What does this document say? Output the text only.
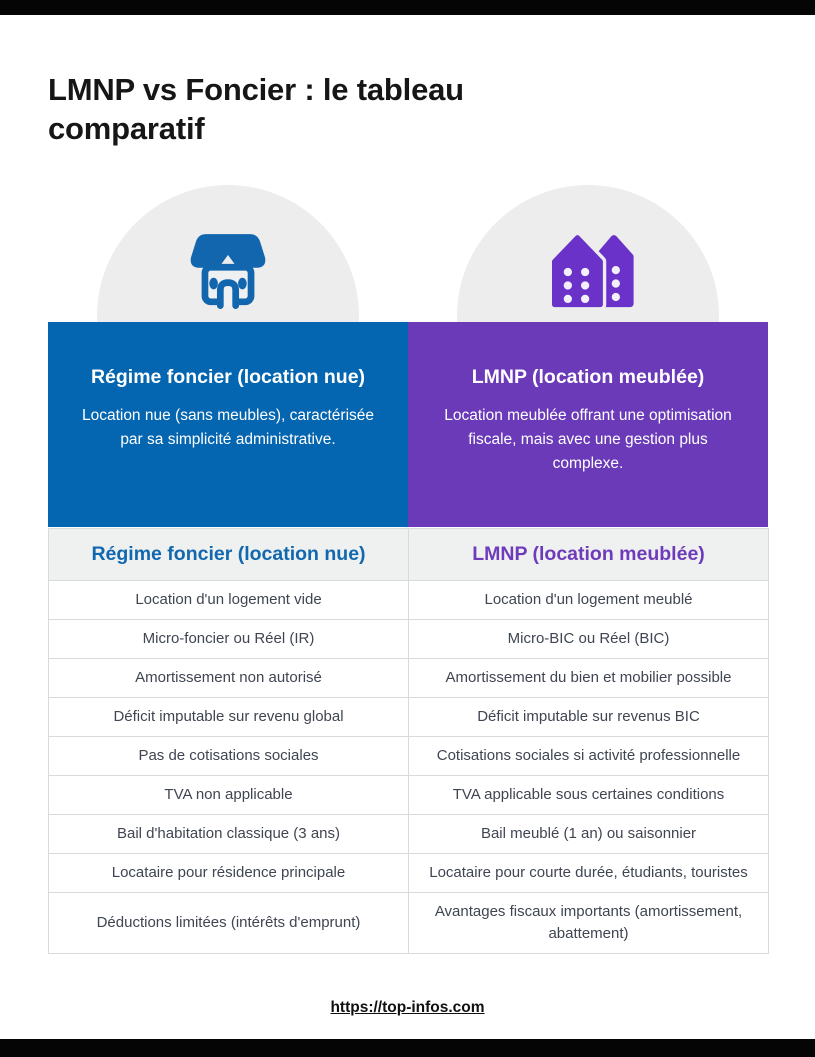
LMNP vs Foncier : le tableau comparatif
Régime foncier (location nue)
Location nue (sans meubles), caractérisée par sa simplicité administrative.
LMNP (location meublée)
Location meublée offrant une optimisation fiscale, mais avec une gestion plus complexe.
Régime foncier (location nue)	LMNP (location meublée)
Location d'un logement vide	Location d'un logement meublé
Micro-foncier ou Réel (IR)	Micro-BIC ou Réel (BIC)
Amortissement non autorisé	Amortissement du bien et mobilier possible
Déficit imputable sur revenu global	Déficit imputable sur revenus BIC
Pas de cotisations sociales	Cotisations sociales si activité professionnelle
TVA non applicable	TVA applicable sous certaines conditions
Bail d'habitation classique (3 ans)	Bail meublé (1 an) ou saisonnier
Locataire pour résidence principale	Locataire pour courte durée, étudiants, touristes
Déductions limitées (intérêts d'emprunt)	Avantages fiscaux importants (amortissement, abattement)
https://top-infos.com
